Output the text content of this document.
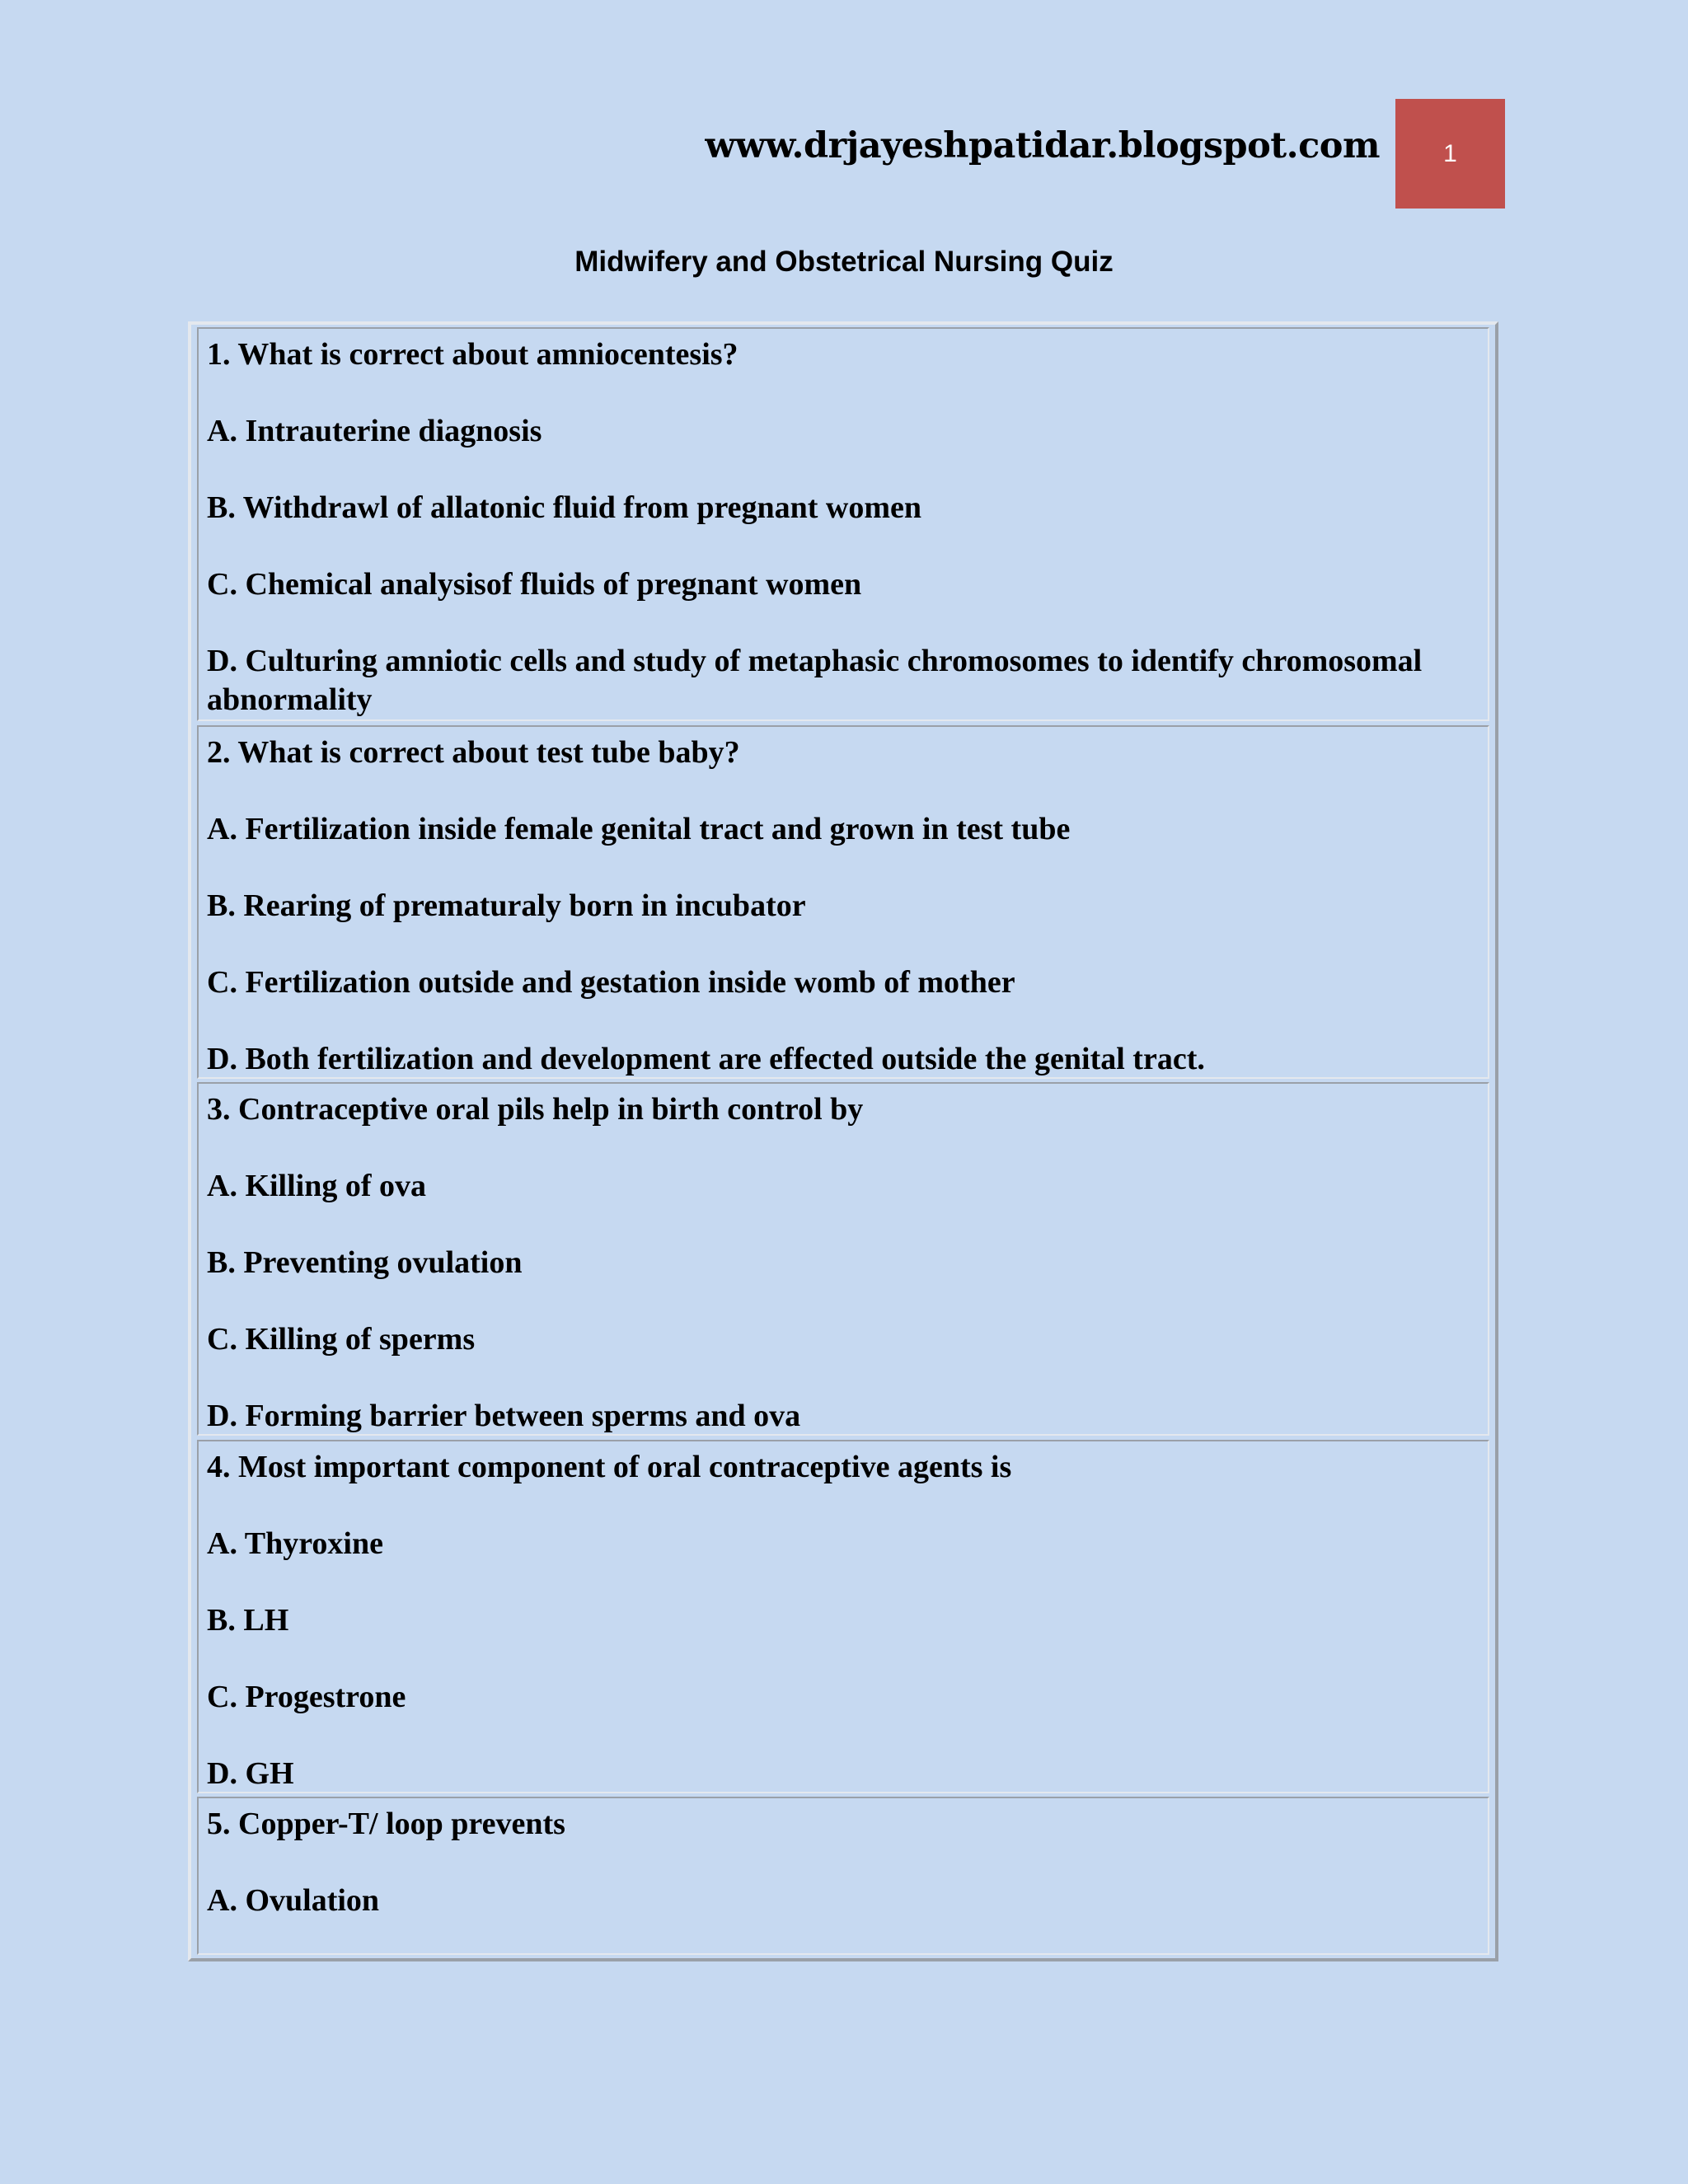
www.drjayeshpatidar.blogspot.com	1
Midwifery and Obstetrical Nursing Quiz
1. What is correct about amniocentesis?
A. Intrauterine diagnosis
B. Withdrawl of allatonic fluid from pregnant women
C. Chemical analysisof fluids of pregnant women
D. Culturing amniotic cells and study of metaphasic chromosomes to identify chromosomal abnormality
2. What is correct about test tube baby?
A. Fertilization inside female genital tract and grown in test tube
B. Rearing of prematuraly born in incubator
C. Fertilization outside and gestation inside womb of mother
D. Both fertilization and development are effected outside the genital tract.
3. Contraceptive oral pils help in birth control by
A. Killing of ova
B. Preventing ovulation
C. Killing of sperms
D. Forming barrier between sperms and ova
4. Most important component of oral contraceptive agents is
A. Thyroxine
B. LH
C. Progestrone
D. GH
5. Copper-T/ loop prevents
A. Ovulation
